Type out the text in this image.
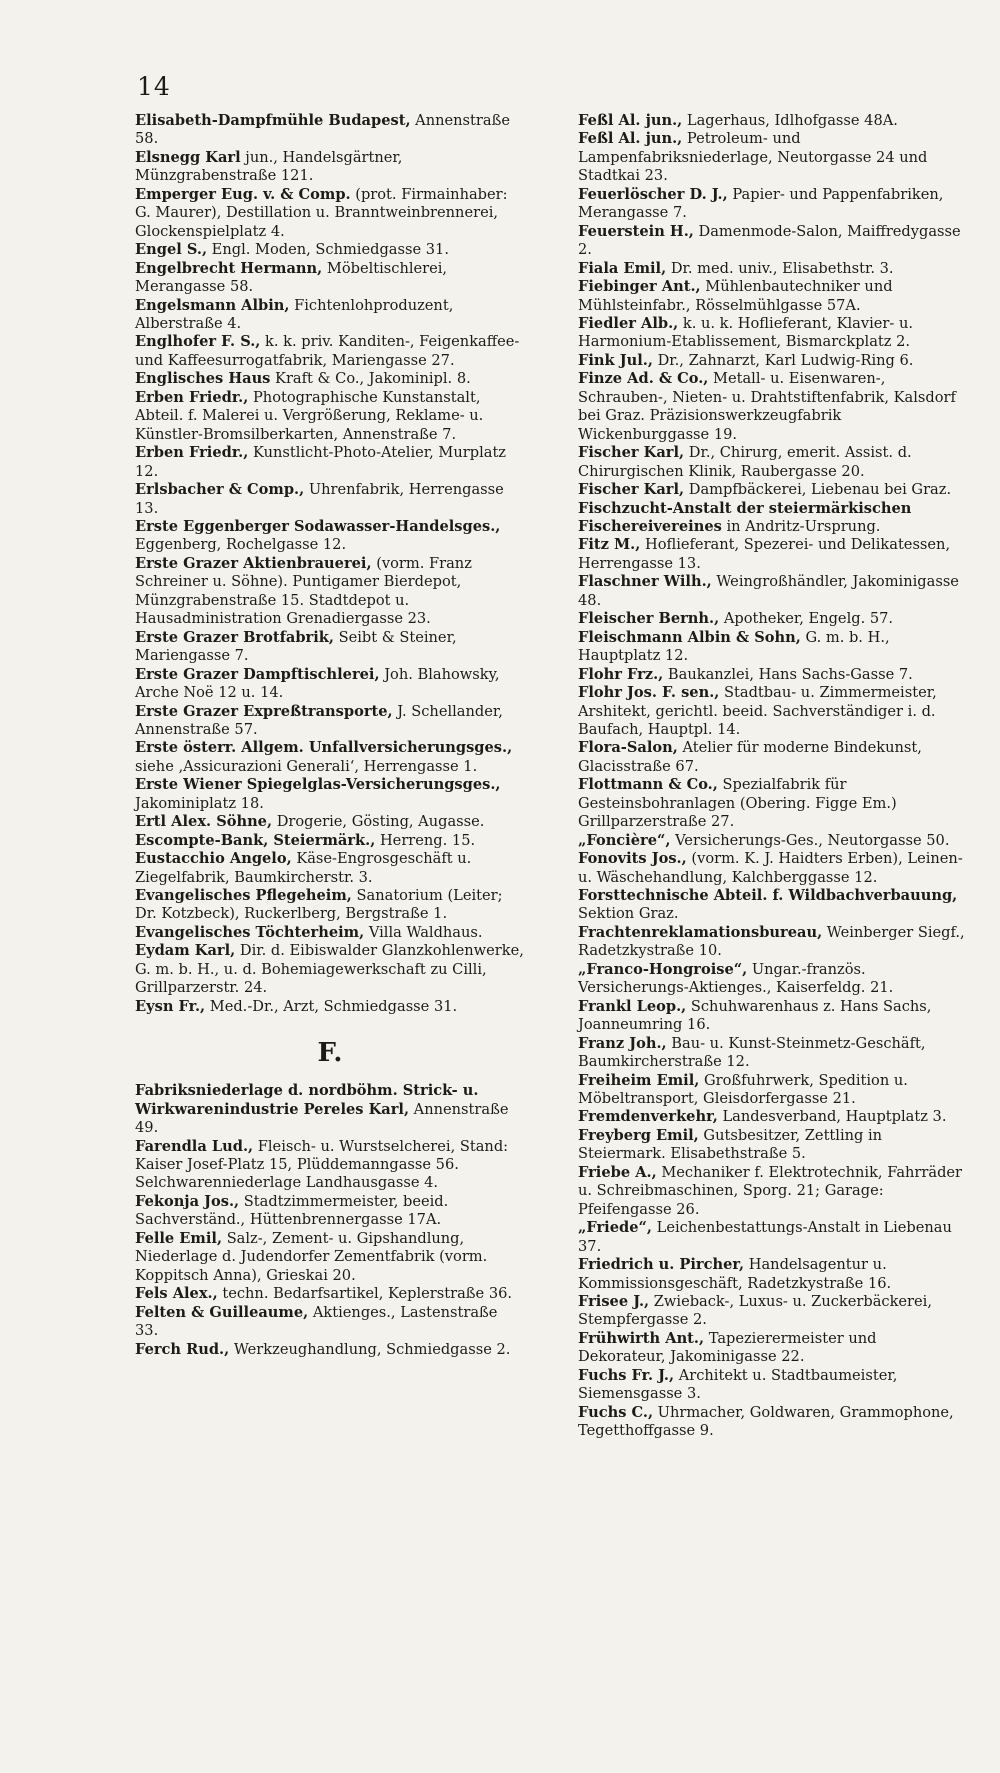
14
Elisabeth-Dampfmühle Budapest, Annenstraße 58.
Elsnegg Karl jun., Handelsgärtner, Münzgrabenstraße 121.
Emperger Eug. v. & Comp. (prot. Firmainhaber: G. Maurer), Destillation u. Branntweinbrennerei, Glockenspielplatz 4.
Engel S., Engl. Moden, Schmiedgasse 31.
Engelbrecht Hermann, Möbeltischlerei, Merangasse 58.
Engelsmann Albin, Fichtenlohproduzent, Alberstraße 4.
Englhofer F. S., k. k. priv. Kanditen-, Feigenkaffee- und Kaffeesurrogatfabrik, Mariengasse 27.
Englisches Haus Kraft & Co., Jakominipl. 8.
Erben Friedr., Photographische Kunstanstalt, Abteil. f. Malerei u. Vergrößerung, Reklame- u. Künstler-Bromsilberkarten, Annenstraße 7.
Erben Friedr., Kunstlicht-Photo-Atelier, Murplatz 12.
Erlsbacher & Comp., Uhrenfabrik, Herrengasse 13.
Erste Eggenberger Sodawasser-Handelsges., Eggenberg, Rochelgasse 12.
Erste Grazer Aktienbrauerei, (vorm. Franz Schreiner u. Söhne). Puntigamer Bierdepot, Münzgrabenstraße 15. Stadtdepot u. Hausadministration Grenadiergasse 23.
Erste Grazer Brotfabrik, Seibt & Steiner, Mariengasse 7.
Erste Grazer Dampftischlerei, Joh. Blahowsky, Arche Noë 12 u. 14.
Erste Grazer Expreßtransporte, J. Schellander, Annenstraße 57.
Erste österr. Allgem. Unfallversicherungsges., siehe ‚Assicurazioni Generali‘, Herrengasse 1.
Erste Wiener Spiegelglas-Versicherungsges., Jakominiplatz 18.
Ertl Alex. Söhne, Drogerie, Gösting, Augasse.
Escompte-Bank, Steiermärk., Herreng. 15.
Eustacchio Angelo, Käse-Engrosgeschäft u. Ziegelfabrik, Baumkircherstr. 3.
Evangelisches Pflegeheim, Sanatorium (Leiter; Dr. Kotzbeck), Ruckerlberg, Bergstraße 1.
Evangelisches Töchterheim, Villa Waldhaus.
Eydam Karl, Dir. d. Eibiswalder Glanzkohlenwerke, G. m. b. H., u. d. Bohemiagewerkschaft zu Cilli, Grillparzerstr. 24.
Eysn Fr., Med.-Dr., Arzt, Schmiedgasse 31.
F.
Fabriksniederlage d. nordböhm. Strick- u. Wirkwarenindustrie Pereles Karl, Annenstraße 49.
Farendla Lud., Fleisch- u. Wurstselcherei, Stand: Kaiser Josef-Platz 15, Plüddemanngasse 56. Selchwarenniederlage Landhausgasse 4.
Fekonja Jos., Stadtzimmermeister, beeid. Sachverständ., Hüttenbrennergasse 17A.
Felle Emil, Salz-, Zement- u. Gipshandlung, Niederlage d. Judendorfer Zementfabrik (vorm. Koppitsch Anna), Grieskai 20.
Fels Alex., techn. Bedarfsartikel, Keplerstraße 36.
Felten & Guilleaume, Aktienges., Lastenstraße 33.
Ferch Rud., Werkzeughandlung, Schmiedgasse 2.
Feßl Al. jun., Lagerhaus, Idlhofgasse 48A.
Feßl Al. jun., Petroleum- und Lampenfabriksniederlage, Neutorgasse 24 und Stadtkai 23.
Feuerlöscher D. J., Papier- und Pappenfabriken, Merangasse 7.
Feuerstein H., Damenmode-Salon, Maiffredygasse 2.
Fiala Emil, Dr. med. univ., Elisabethstr. 3.
Fiebinger Ant., Mühlenbautechniker und Mühlsteinfabr., Rösselmühlgasse 57A.
Fiedler Alb., k. u. k. Hoflieferant, Klavier- u. Harmonium-Etablissement, Bismarckplatz 2.
Fink Jul., Dr., Zahnarzt, Karl Ludwig-Ring 6.
Finze Ad. & Co., Metall- u. Eisenwaren-, Schrauben-, Nieten- u. Drahtstiftenfabrik, Kalsdorf bei Graz. Präzisionswerkzeugfabrik Wickenburggasse 19.
Fischer Karl, Dr., Chirurg, emerit. Assist. d. Chirurgischen Klinik, Raubergasse 20.
Fischer Karl, Dampfbäckerei, Liebenau bei Graz.
Fischzucht-Anstalt der steiermärkischen Fischereivereines in Andritz-Ursprung.
Fitz M., Hoflieferant, Spezerei- und Delikatessen, Herrengasse 13.
Flaschner Wilh., Weingroßhändler, Jakominigasse 48.
Fleischer Bernh., Apotheker, Engelg. 57.
Fleischmann Albin & Sohn, G. m. b. H., Hauptplatz 12.
Flohr Frz., Baukanzlei, Hans Sachs-Gasse 7.
Flohr Jos. F. sen., Stadtbau- u. Zimmermeister, Arshitekt, gerichtl. beeid. Sachverständiger i. d. Baufach, Hauptpl. 14.
Flora-Salon, Atelier für moderne Bindekunst, Glacisstraße 67.
Flottmann & Co., Spezialfabrik für Gesteinsbohranlagen (Obering. Figge Em.) Grillparzerstraße 27.
„Foncière“, Versicherungs-Ges., Neutorgasse 50.
Fonovits Jos., (vorm. K. J. Haidters Erben), Leinen- u. Wäschehandlung, Kalchberggasse 12.
Forsttechnische Abteil. f. Wildbachverbauung, Sektion Graz.
Frachtenreklamationsbureau, Weinberger Siegf., Radetzkystraße 10.
„Franco-Hongroise“, Ungar.-französ. Versicherungs-Aktienges., Kaiserfeldg. 21.
Frankl Leop., Schuhwarenhaus z. Hans Sachs, Joanneumring 16.
Franz Joh., Bau- u. Kunst-Steinmetz-Geschäft, Baumkircherstraße 12.
Freiheim Emil, Großfuhrwerk, Spedition u. Möbeltransport, Gleisdorfergasse 21.
Fremdenverkehr, Landesverband, Hauptplatz 3.
Freyberg Emil, Gutsbesitzer, Zettling in Steiermark. Elisabethstraße 5.
Friebe A., Mechaniker f. Elektrotechnik, Fahrräder u. Schreibmaschinen, Sporg. 21; Garage: Pfeifengasse 26.
„Friede“, Leichenbestattungs-Anstalt in Liebenau 37.
Friedrich u. Pircher, Handelsagentur u. Kommissionsgeschäft, Radetzkystraße 16.
Frisee J., Zwieback-, Luxus- u. Zuckerbäckerei, Stempfergasse 2.
Frühwirth Ant., Tapezierermeister und Dekorateur, Jakominigasse 22.
Fuchs Fr. J., Architekt u. Stadtbaumeister, Siemensgasse 3.
Fuchs C., Uhrmacher, Goldwaren, Grammophone, Tegetthoffgasse 9.
